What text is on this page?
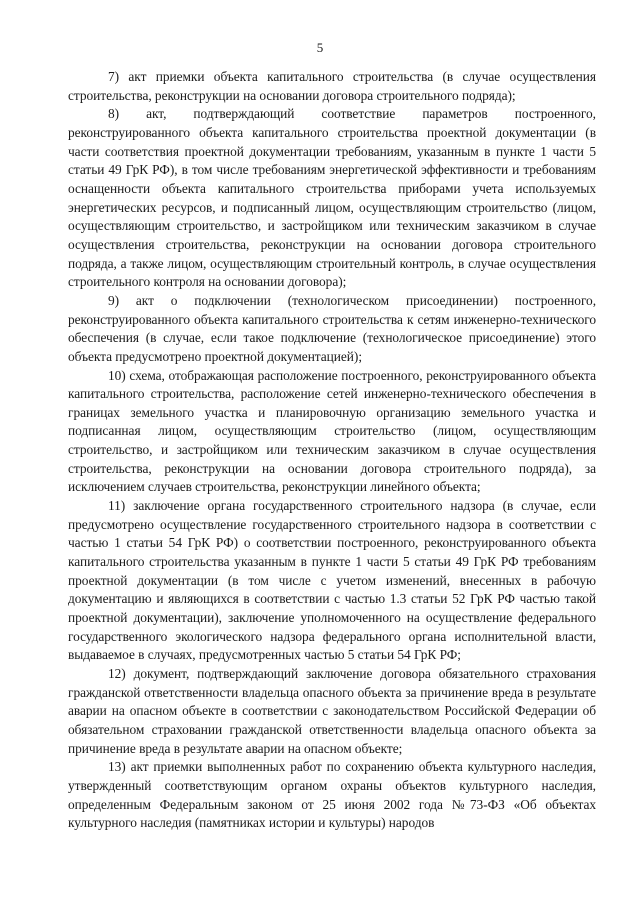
5

7) акт приемки объекта капитального строительства (в случае осуществления строительства, реконструкции на основании договора строительного подряда);

8) акт, подтверждающий соответствие параметров построенного, реконструированного объекта капитального строительства проектной документации (в части соответствия проектной документации требованиям, указанным в пункте 1 части 5 статьи 49 ГрК РФ), в том числе требованиям энергетической эффективности и требованиям оснащенности объекта капитального строительства приборами учета используемых энергетических ресурсов, и подписанный лицом, осуществляющим строительство (лицом, осуществляющим строительство, и застройщиком или техническим заказчиком в случае осуществления строительства, реконструкции на основании договора строительного подряда, а также лицом, осуществляющим строительный контроль, в случае осуществления строительного контроля на основании договора);

9) акт о подключении (технологическом присоединении) построенного, реконструированного объекта капитального строительства к сетям инженерно-технического обеспечения (в случае, если такое подключение (технологическое присоединение) этого объекта предусмотрено проектной документацией);

10) схема, отображающая расположение построенного, реконструированного объекта капитального строительства, расположение сетей инженерно-технического обеспечения в границах земельного участка и планировочную организацию земельного участка и подписанная лицом, осуществляющим строительство (лицом, осуществляющим строительство, и застройщиком или техническим заказчиком в случае осуществления строительства, реконструкции на основании договора строительного подряда), за исключением случаев строительства, реконструкции линейного объекта;

11) заключение органа государственного строительного надзора (в случае, если предусмотрено осуществление государственного строительного надзора в соответствии с частью 1 статьи 54 ГрК РФ) о соответствии построенного, реконструированного объекта капитального строительства указанным в пункте 1 части 5 статьи 49 ГрК РФ требованиям проектной документации (в том числе с учетом изменений, внесенных в рабочую документацию и являющихся в соответствии с частью 1.3 статьи 52 ГрК РФ частью такой проектной документации), заключение уполномоченного на осуществление федерального государственного экологического надзора федерального органа исполнительной власти, выдаваемое в случаях, предусмотренных частью 5 статьи 54 ГрК РФ;

12) документ, подтверждающий заключение договора обязательного страхования гражданской ответственности владельца опасного объекта за причинение вреда в результате аварии на опасном объекте в соответствии с законодательством Российской Федерации об обязательном страховании гражданской ответственности владельца опасного объекта за причинение вреда в результате аварии на опасном объекте;

13) акт приемки выполненных работ по сохранению объекта культурного наследия, утвержденный соответствующим органом охраны объектов культурного наследия, определенным Федеральным законом от 25 июня 2002 года №73-ФЗ «Об объектах культурного наследия (памятниках истории и культуры) народов
